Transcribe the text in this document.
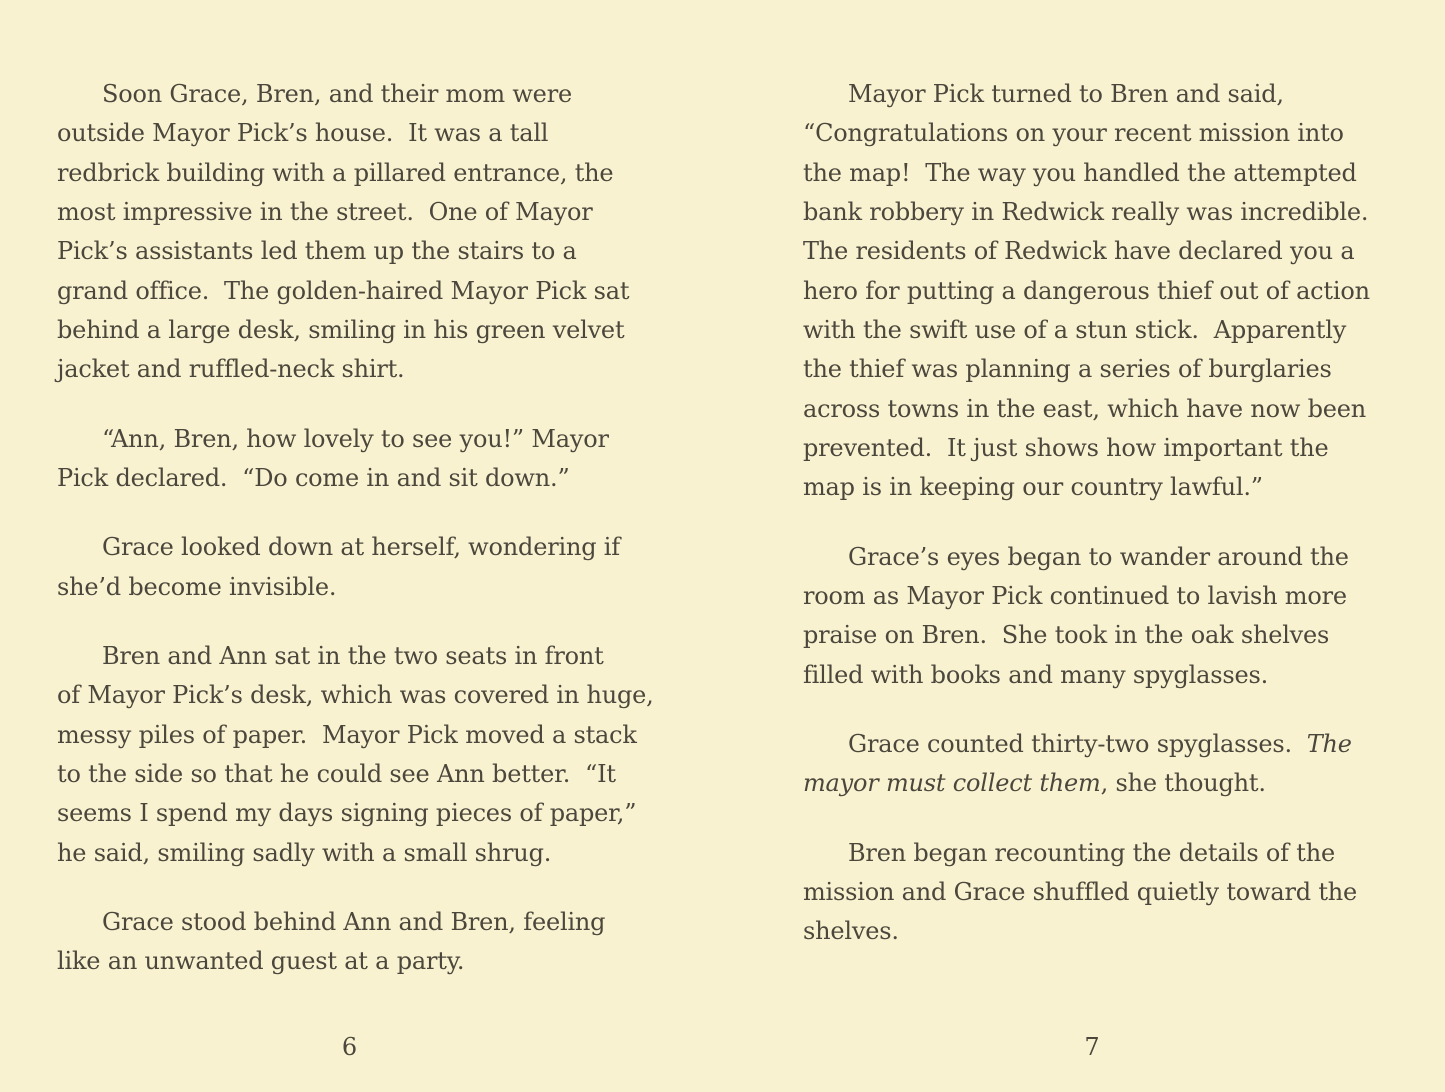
Soon Grace, Bren, and their mom were
outside Mayor Pick’s house.  It was a tall
redbrick building with a pillared entrance, the
most impressive in the street.  One of Mayor
Pick’s assistants led them up the stairs to a
grand office.  The golden-haired Mayor Pick sat
behind a large desk, smiling in his green velvet
jacket and ruffled-neck shirt.
“Ann, Bren, how lovely to see you!” Mayor
Pick declared.  “Do come in and sit down.”
Grace looked down at herself, wondering if
she’d become invisible.
Bren and Ann sat in the two seats in front
of Mayor Pick’s desk, which was covered in huge,
messy piles of paper.  Mayor Pick moved a stack
to the side so that he could see Ann better.  “It
seems I spend my days signing pieces of paper,”
he said, smiling sadly with a small shrug.
Grace stood behind Ann and Bren, feeling
like an unwanted guest at a party.
Mayor Pick turned to Bren and said,
“Congratulations on your recent mission into
the map!  The way you handled the attempted
bank robbery in Redwick really was incredible.
The residents of Redwick have declared you a
hero for putting a dangerous thief out of action
with the swift use of a stun stick.  Apparently
the thief was planning a series of burglaries
across towns in the east, which have now been
prevented.  It just shows how important the
map is in keeping our country lawful.”
Grace’s eyes began to wander around the
room as Mayor Pick continued to lavish more
praise on Bren.  She took in the oak shelves
filled with books and many spyglasses.
Grace counted thirty-two spyglasses.  The
mayor must collect them, she thought.
Bren began recounting the details of the
mission and Grace shuffled quietly toward the
shelves.
6	7
